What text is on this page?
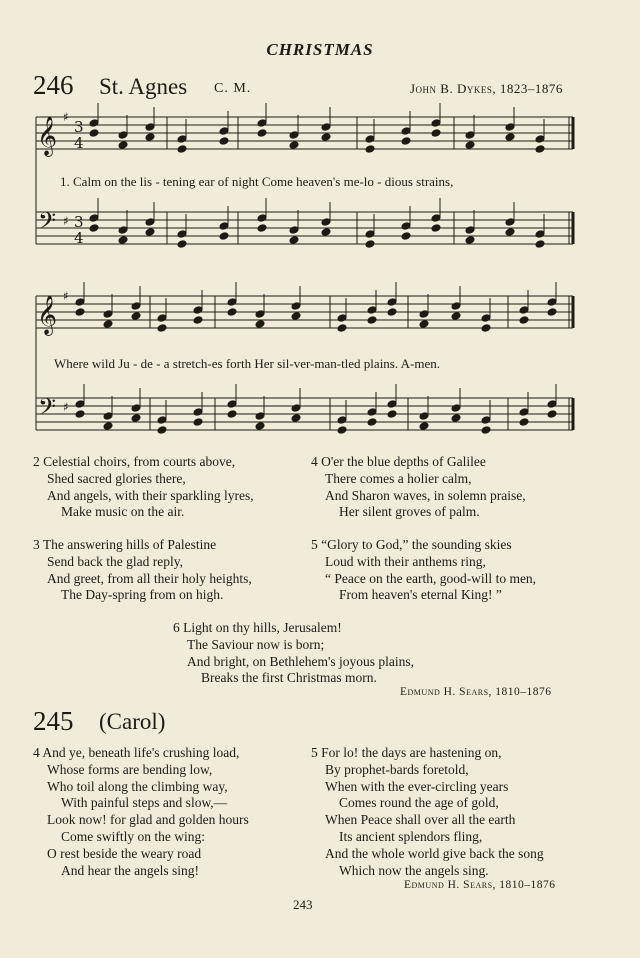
CHRISTMAS
246 St. Agnes C. M.	John B. Dykes, 1823–1876
𝄞 ♯
3
4
𝄢 ♯ 3
4
𝄞 ♯
𝄢 ♯
1. Calm on the lis - tening ear of night Come heaven's me-lo - dious strains,
Where wild Ju - de - a stretch-es forth Her sil-ver-man-tled plains. A-men.
2 Celestial choirs, from courts above,
Shed sacred glories there,
And angels, with their sparkling lyres,
Make music on the air.
4 O'er the blue depths of Galilee
There comes a holier calm,
And Sharon waves, in solemn praise,
Her silent groves of palm.
3 The answering hills of Palestine
Send back the glad reply,
And greet, from all their holy heights,
The Day-spring from on high.
5 “Glory to God,” the sounding skies
Loud with their anthems ring,
“ Peace on the earth, good-will to men,
From heaven's eternal King! ”
6 Light on thy hills, Jerusalem!
The Saviour now is born;
And bright, on Bethlehem's joyous plains,
Breaks the first Christmas morn.
Edmund H. Sears, 1810–1876
245 (Carol)
4 And ye, beneath life's crushing load,
Whose forms are bending low,
Who toil along the climbing way,
With painful steps and slow,—
Look now! for glad and golden hours
Come swiftly on the wing:
O rest beside the weary road
And hear the angels sing!
5 For lo! the days are hastening on,
By prophet-bards foretold,
When with the ever-circling years
Comes round the age of gold,
When Peace shall over all the earth
Its ancient splendors fling,
And the whole world give back the song
Which now the angels sing.
Edmund H. Sears, 1810–1876
243
